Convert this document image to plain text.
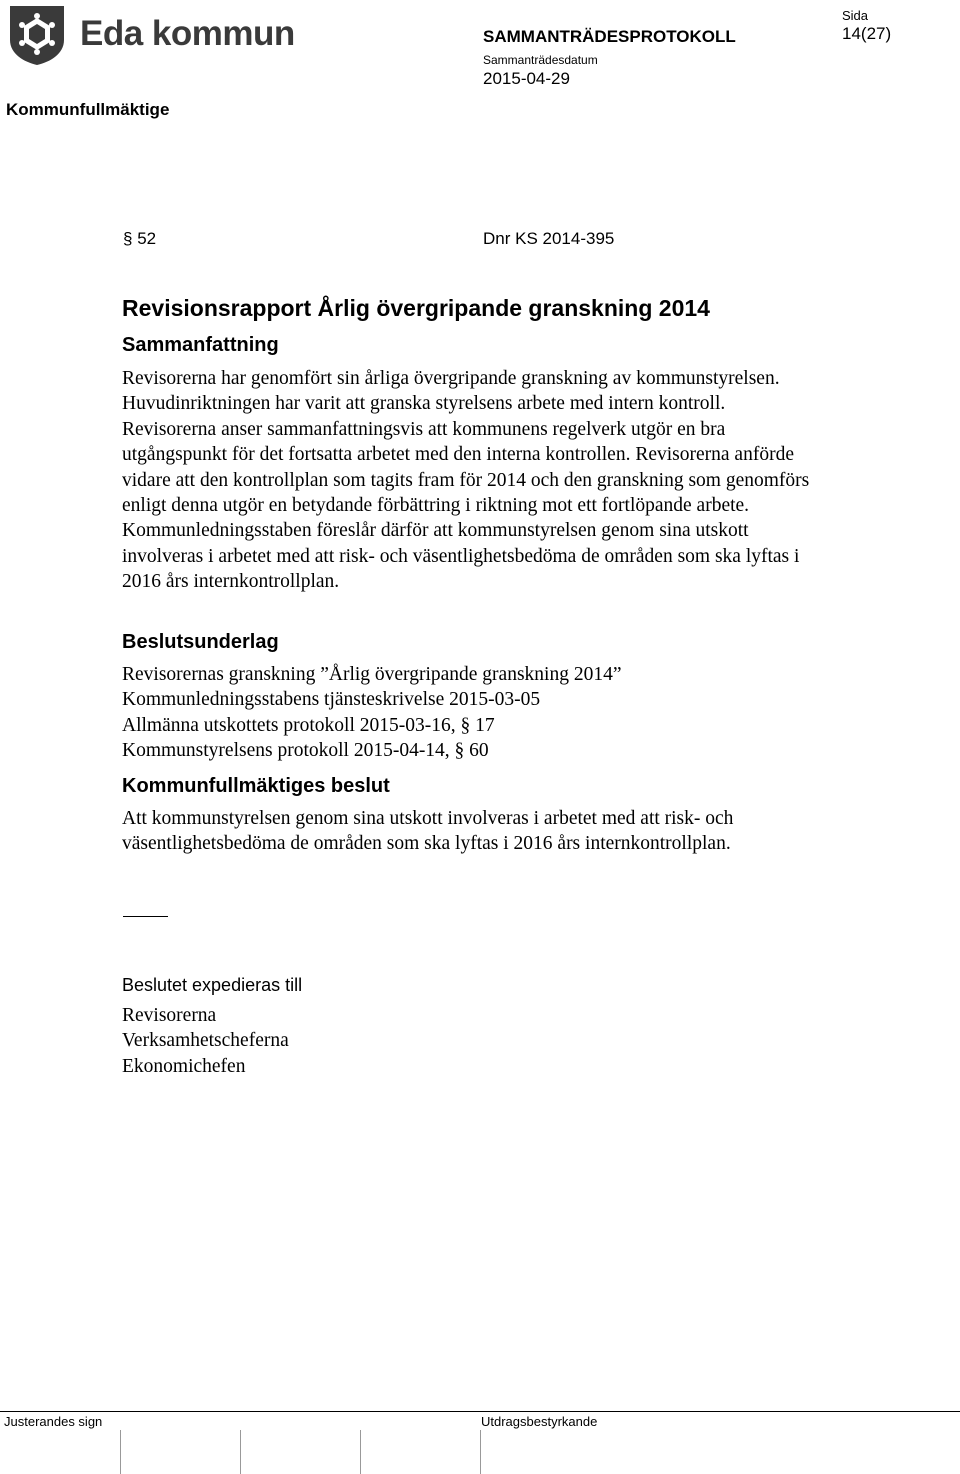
Eda kommun
Kommunfullmäktige
SAMMANTRÄDESPROTOKOLL
Sammanträdesdatum
2015-04-29
Sida
14(27)
§ 52	Dnr KS 2014-395
Revisionsrapport Årlig övergripande granskning 2014
Sammanfattning
Revisorerna har genomfört sin årliga övergripande granskning av kommunstyrelsen. Huvudinriktningen har varit att granska styrelsens arbete med intern kontroll. Revisorerna anser sammanfattningsvis att kommunens regelverk utgör en bra utgångspunkt för det fortsatta arbetet med den interna kontrollen. Revisorerna anförde vidare att den kontrollplan som tagits fram för 2014 och den granskning som genomförs enligt denna utgör en betydande förbättring i riktning mot ett fortlöpande arbete. Kommunledningsstaben föreslår därför att kommunstyrelsen genom sina utskott involveras i arbetet med att risk- och väsentlighetsbedöma de områden som ska lyftas i 2016 års internkontrollplan.
Beslutsunderlag
Revisorernas granskning ”Årlig övergripande granskning 2014”
Kommunledningsstabens tjänsteskrivelse 2015-03-05
Allmänna utskottets protokoll 2015-03-16, § 17
Kommunstyrelsens protokoll 2015-04-14, § 60
Kommunfullmäktiges beslut
Att kommunstyrelsen genom sina utskott involveras i arbetet med att risk- och väsentlighetsbedöma de områden som ska lyftas i 2016 års internkontrollplan.
Beslutet expedieras till
Revisorerna
Verksamhetscheferna
Ekonomichefen
Justerandes sign	Utdragsbestyrkande
